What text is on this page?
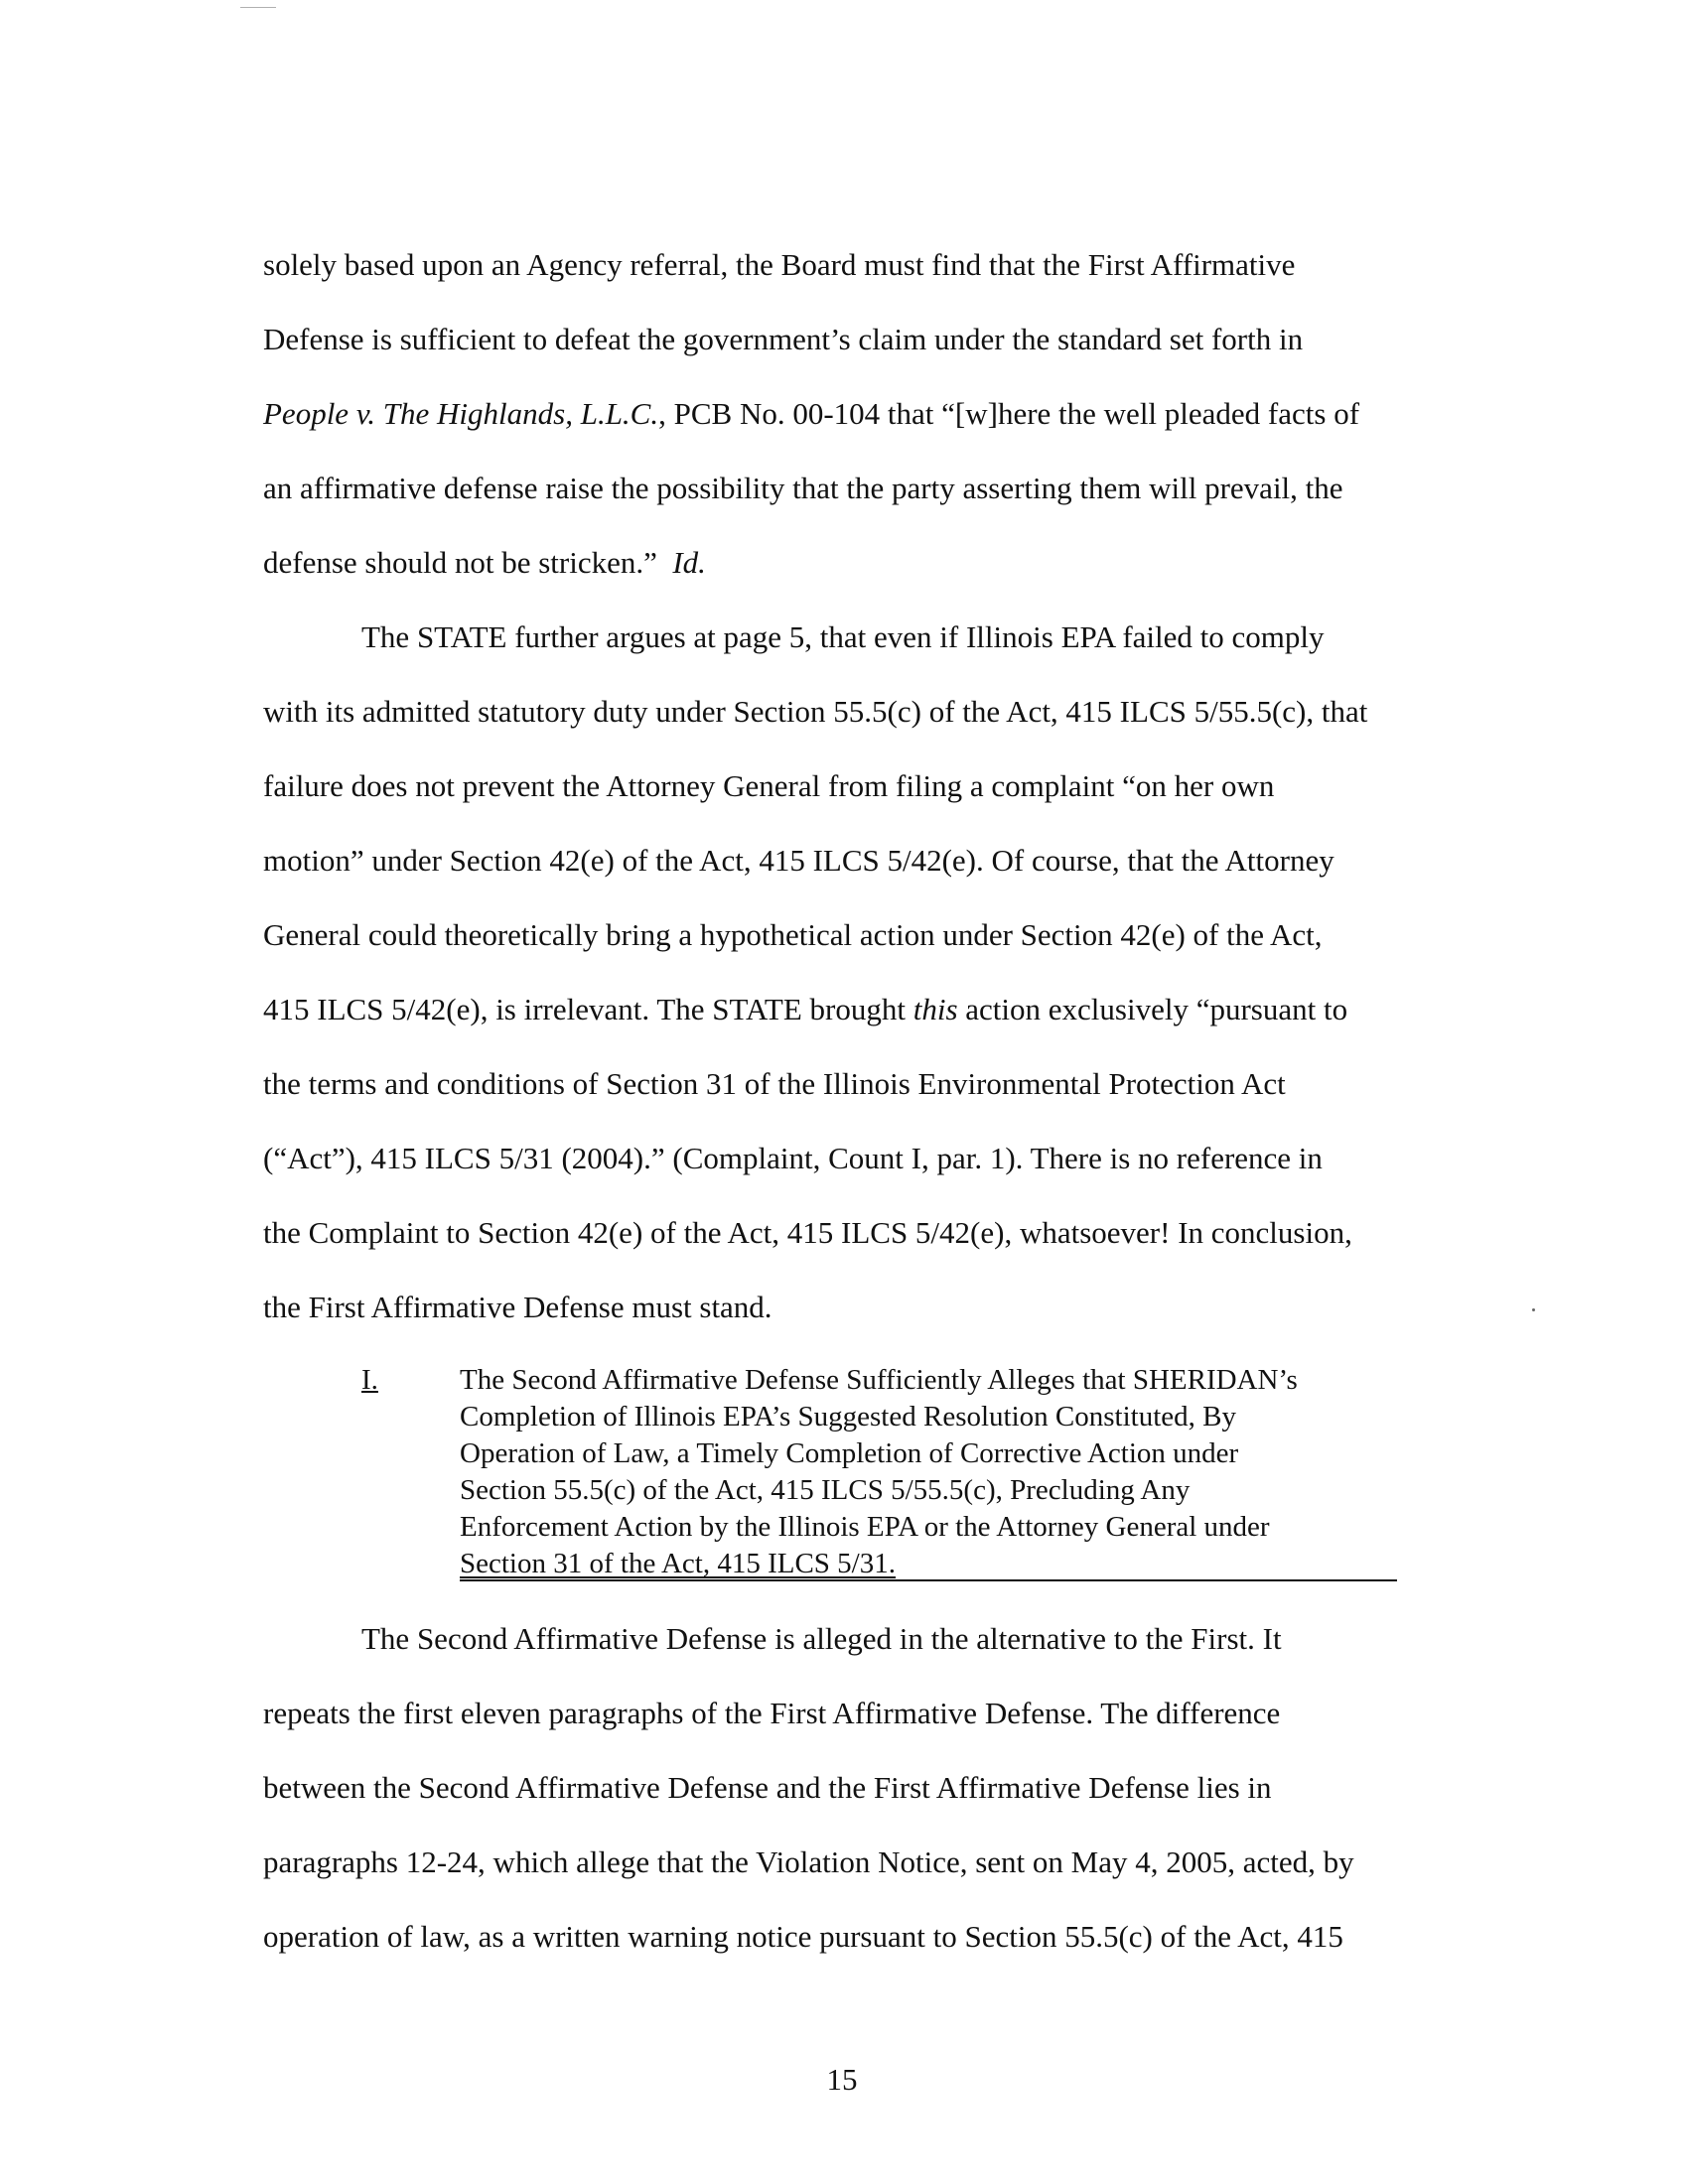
solely based upon an Agency referral, the Board must find that the First Affirmative
Defense is sufficient to defeat the government’s claim under the standard set forth in
People v. The Highlands, L.L.C., PCB No. 00-104 that “[w]here the well pleaded facts of
an affirmative defense raise the possibility that the party asserting them will prevail, the
defense should not be stricken.”  Id.
The STATE further argues at page 5, that even if Illinois EPA failed to comply
with its admitted statutory duty under Section 55.5(c) of the Act, 415 ILCS 5/55.5(c), that
failure does not prevent the Attorney General from filing a complaint “on her own
motion” under Section 42(e) of the Act, 415 ILCS 5/42(e). Of course, that the Attorney
General could theoretically bring a hypothetical action under Section 42(e) of the Act,
415 ILCS 5/42(e), is irrelevant. The STATE brought this action exclusively “pursuant to
the terms and conditions of Section 31 of the Illinois Environmental Protection Act
(“Act”), 415 ILCS 5/31 (2004).” (Complaint, Count I, par. 1). There is no reference in
the Complaint to Section 42(e) of the Act, 415 ILCS 5/42(e), whatsoever! In conclusion,
the First Affirmative Defense must stand.
I.	The Second Affirmative Defense Sufficiently Alleges that SHERIDAN’s
Completion of Illinois EPA’s Suggested Resolution Constituted, By
Operation of Law, a Timely Completion of Corrective Action under
Section 55.5(c) of the Act, 415 ILCS 5/55.5(c), Precluding Any
Enforcement Action by the Illinois EPA or the Attorney General under
Section 31 of the Act, 415 ILCS 5/31.
The Second Affirmative Defense is alleged in the alternative to the First. It
repeats the first eleven paragraphs of the First Affirmative Defense. The difference
between the Second Affirmative Defense and the First Affirmative Defense lies in
paragraphs 12-24, which allege that the Violation Notice, sent on May 4, 2005, acted, by
operation of law, as a written warning notice pursuant to Section 55.5(c) of the Act, 415
15
